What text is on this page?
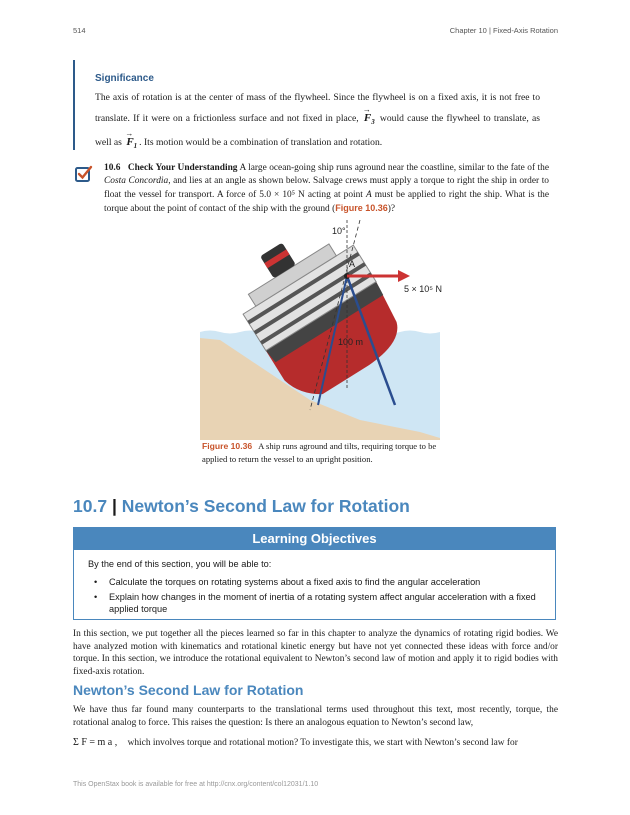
514	Chapter 10 | Fixed-Axis Rotation
Significance
The axis of rotation is at the center of mass of the flywheel. Since the flywheel is on a fixed axis, it is not free to translate. If it were on a frictionless surface and not fixed in place, → $F_3$ would cause the flywheel to translate, as well as → $F_1$ . Its motion would be a combination of translation and rotation.
10.6 Check Your Understanding A large ocean-going ship runs aground near the coastline, similar to the fate of the Costa Concordia, and lies at an angle as shown below. Salvage crews must apply a torque to right the ship in order to float the vessel for transport. A force of 5.0 × 10⁵ N acting at point A must be applied to right the ship. What is the torque about the point of contact of the ship with the ground (Figure 10.36)?
10°
A
5 × 10⁵ N
100 m
Figure 10.36 A ship runs aground and tilts, requiring torque to be applied to return the vessel to an upright position.
10.7 | Newton’s Second Law for Rotation
Learning Objectives
By the end of this section, you will be able to:
• Calculate the torques on rotating systems about a fixed axis to find the angular acceleration
• Explain how changes in the moment of inertia of a rotating system affect angular acceleration with a fixed applied torque
In this section, we put together all the pieces learned so far in this chapter to analyze the dynamics of rotating rigid bodies. We have analyzed motion with kinematics and rotational kinetic energy but have not yet connected these ideas with force and/or torque. In this section, we introduce the rotational equivalent to Newton’s second law of motion and apply it to rigid bodies with fixed-axis rotation.
Newton’s Second Law for Rotation
We have thus far found many counterparts to the translational terms used throughout this text, most recently, torque, the rotational analog to force. This raises the question: Is there an analogous equation to Newton’s second law,
Σ F = m a , which involves torque and rotational motion? To investigate this, we start with Newton’s second law for
This OpenStax book is available for free at http://cnx.org/content/col12031/1.10
